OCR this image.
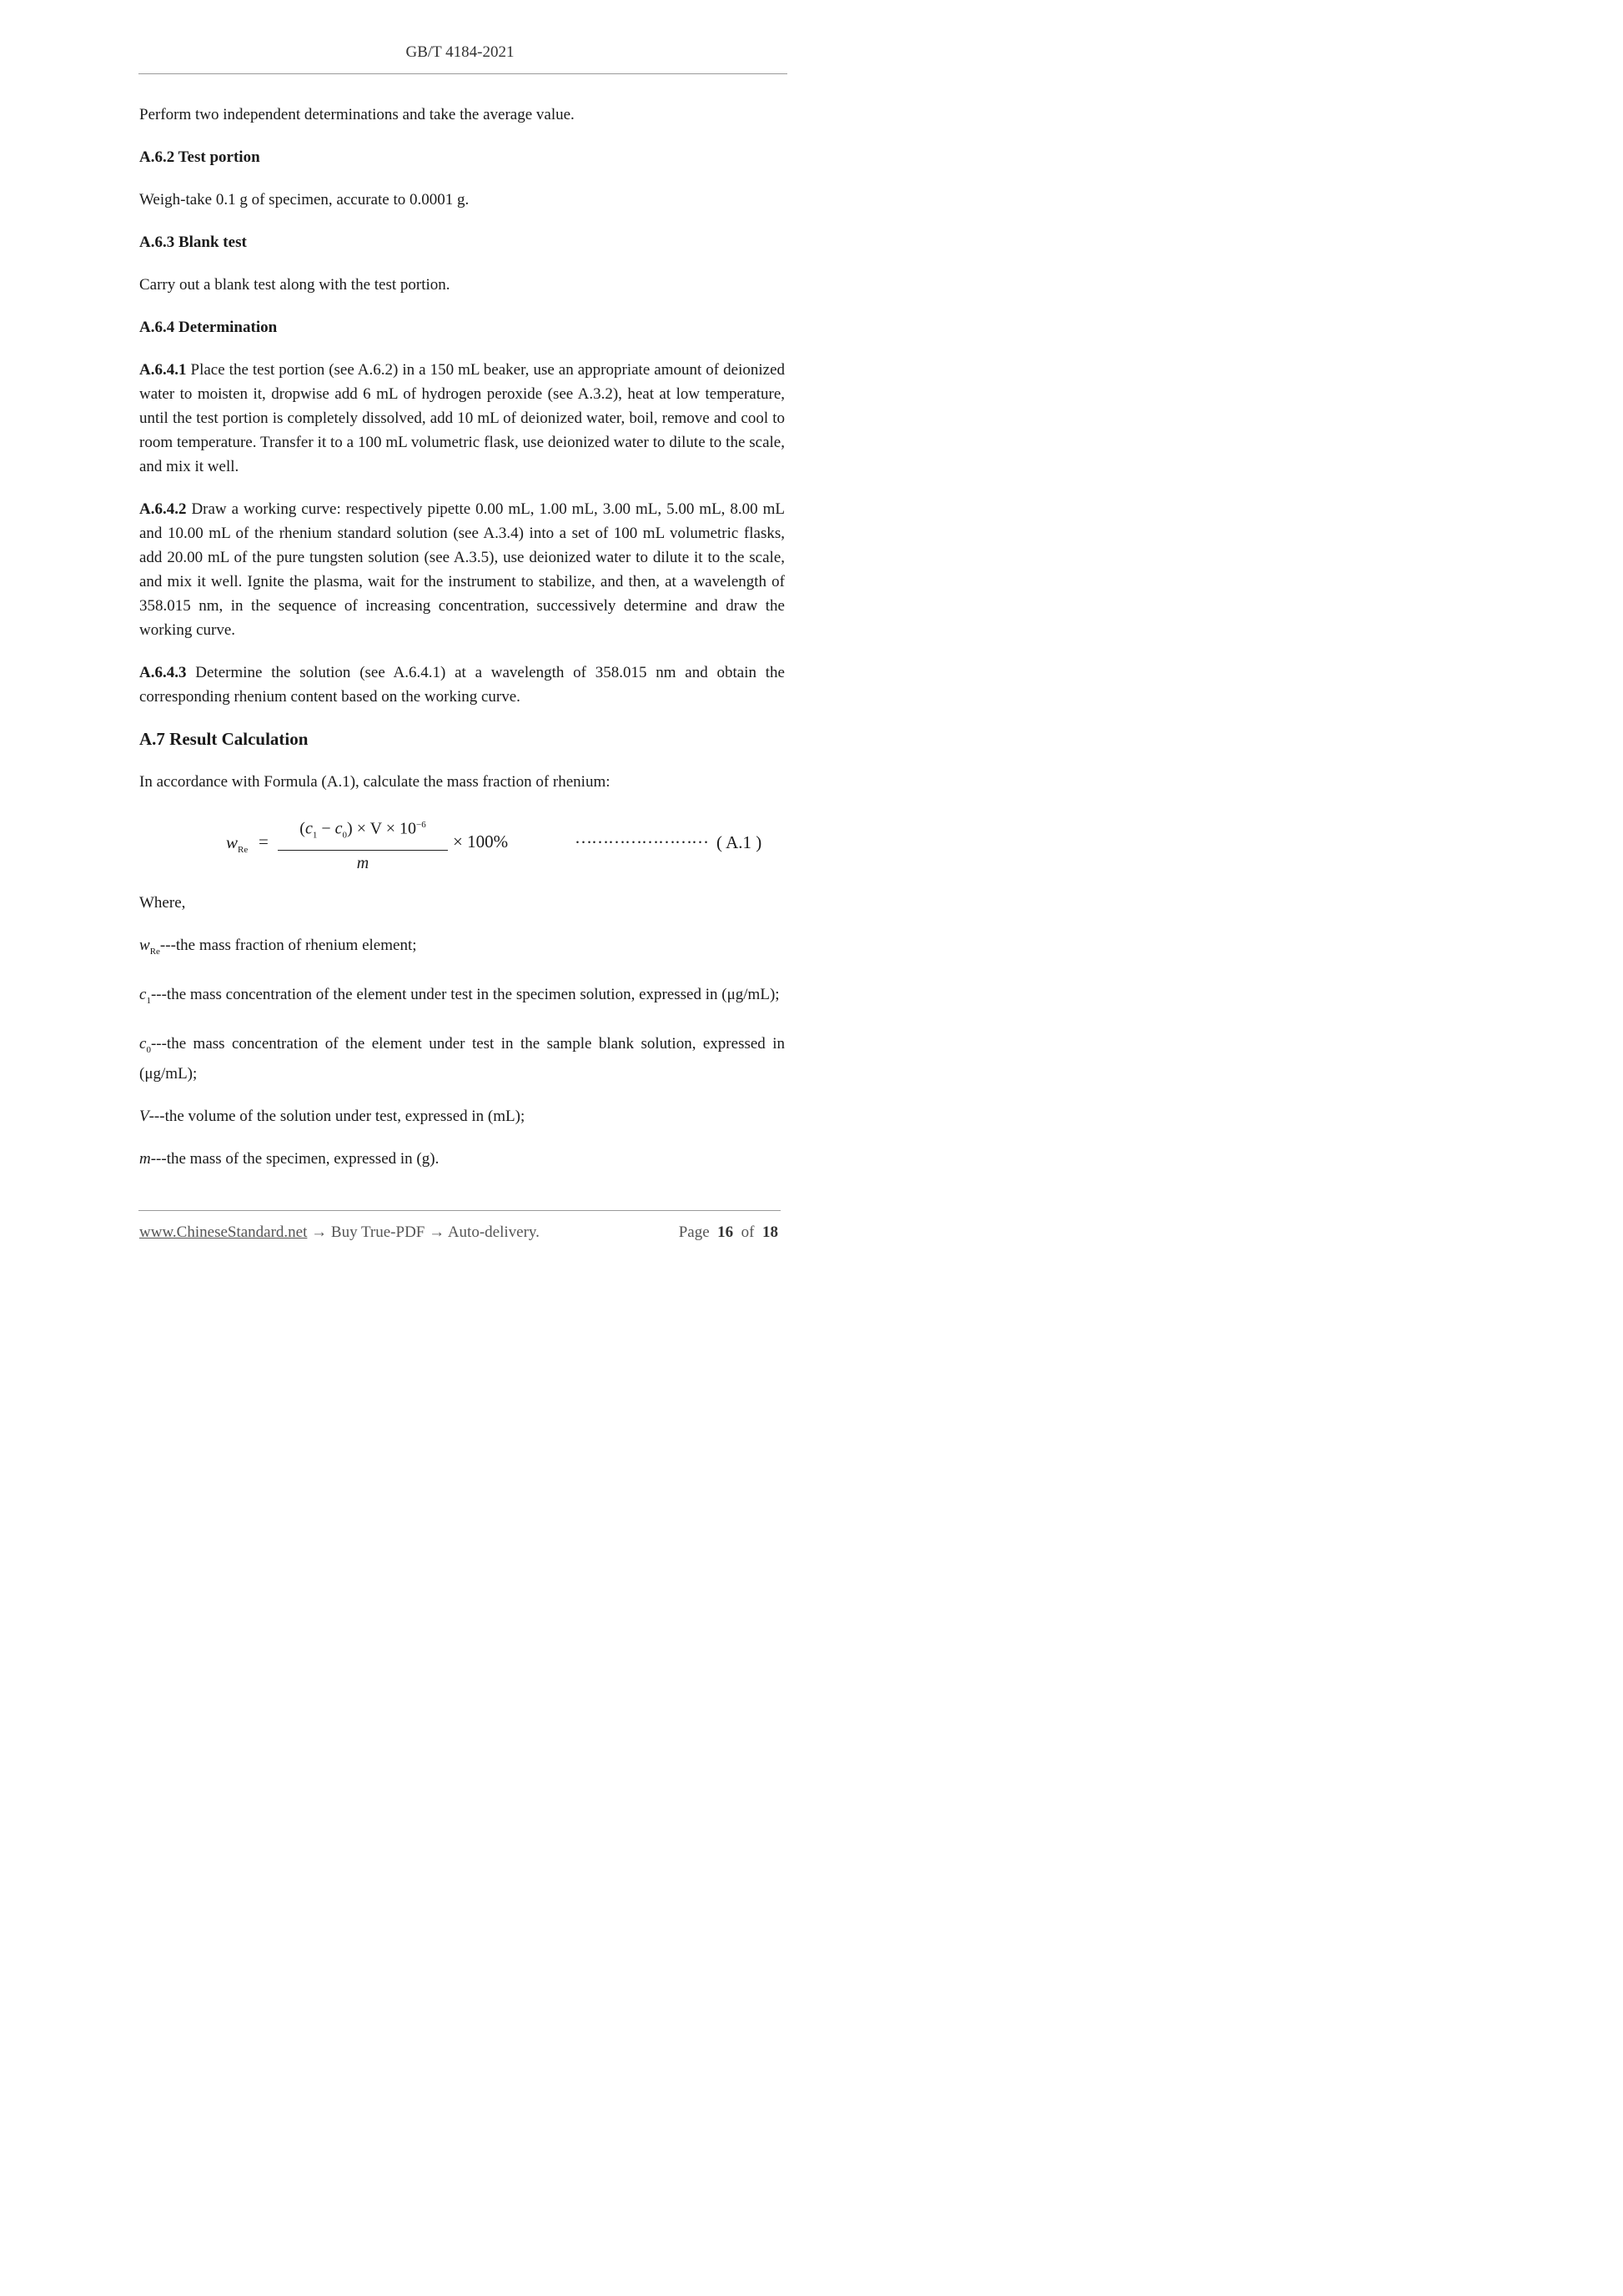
GB/T 4184-2021

Perform two independent determinations and take the average value.

A.6.2 Test portion

Weigh-take 0.1 g of specimen, accurate to 0.0001 g.

A.6.3 Blank test

Carry out a blank test along with the test portion.

A.6.4 Determination

A.6.4.1 Place the test portion (see A.6.2) in a 150 mL beaker, use an appropriate amount of deionized water to moisten it, dropwise add 6 mL of hydrogen peroxide (see A.3.2), heat at low temperature, until the test portion is completely dissolved, add 10 mL of deionized water, boil, remove and cool to room temperature. Transfer it to a 100 mL volumetric flask, use deionized water to dilute to the scale, and mix it well.

A.6.4.2 Draw a working curve: respectively pipette 0.00 mL, 1.00 mL, 3.00 mL, 5.00 mL, 8.00 mL and 10.00 mL of the rhenium standard solution (see A.3.4) into a set of 100 mL volumetric flasks, add 20.00 mL of the pure tungsten solution (see A.3.5), use deionized water to dilute it to the scale, and mix it well. Ignite the plasma, wait for the instrument to stabilize, and then, at a wavelength of 358.015 nm, in the sequence of increasing concentration, successively determine and draw the working curve.

A.6.4.3 Determine the solution (see A.6.4.1) at a wavelength of 358.015 nm and obtain the corresponding rhenium content based on the working curve.

A.7 Result Calculation

In accordance with Formula (A.1), calculate the mass fraction of rhenium:

$w_{Re} = \frac{(c_1 - c_0) \times V \times 10^{-6}}{m} \times 100\%$	…………………… ( A.1 )

Where,

$w_{Re}--$-the mass fraction of rhenium element;

$c_1--$-the mass concentration of the element under test in the specimen solution, expressed in (μg/mL);

$c_0--$-the mass concentration of the element under test in the sample blank solution, expressed in (μg/mL);

V---the volume of the solution under test, expressed in (mL);

m---the mass of the specimen, expressed in (g).

www.ChineseStandard.net → Buy True-PDF → Auto-delivery.	Page 16 of 18
